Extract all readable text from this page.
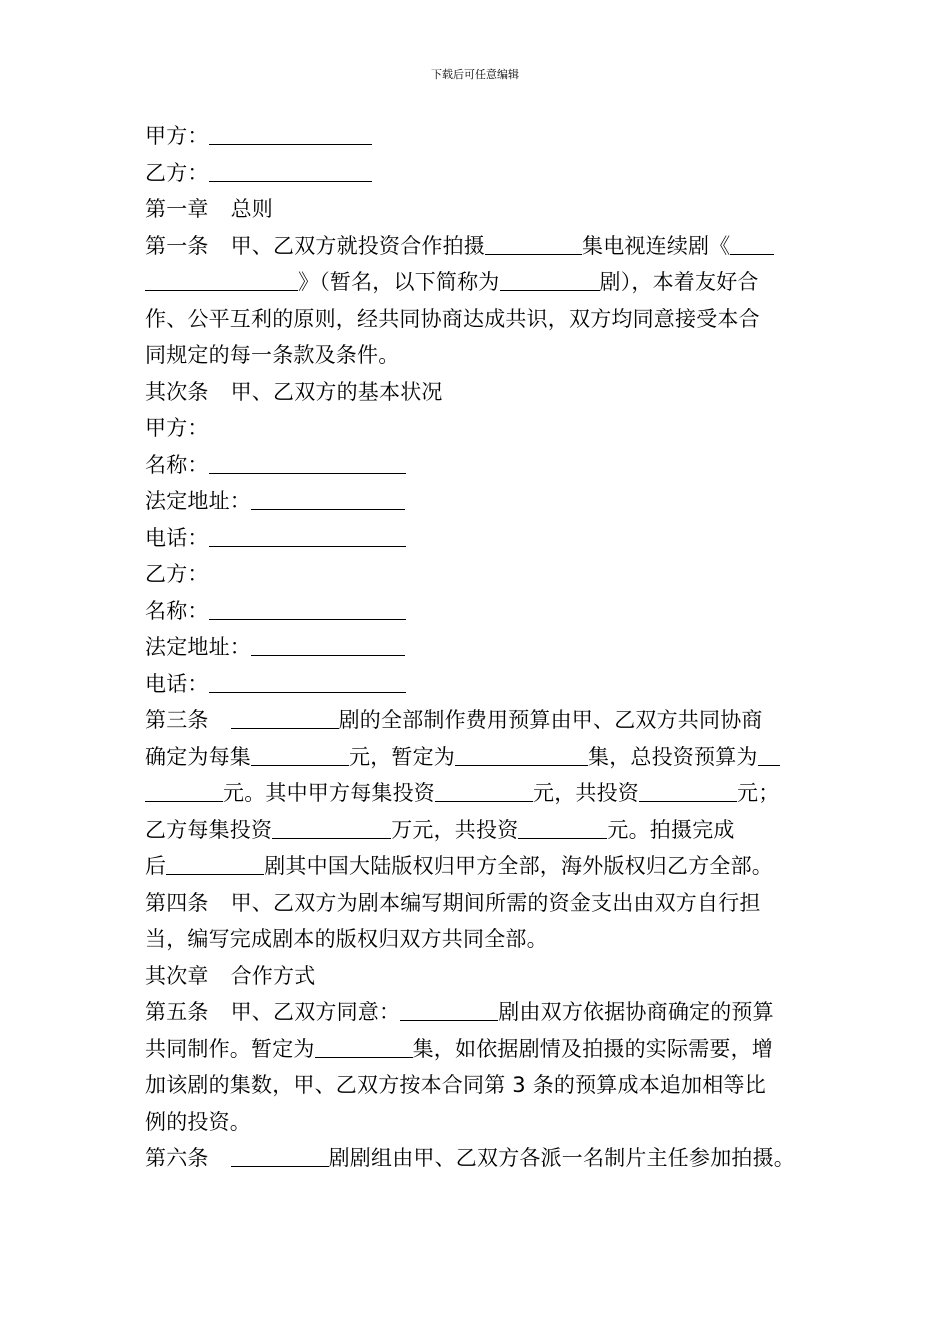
下载后可任意编辑
甲方：
乙方：
第一章 总则
第一条 甲、乙双方就投资合作拍摄	集电视连续剧《
》（暂名，以下简称为	剧），本着友好合
作、公平互利的原则，经共同协商达成共识，双方均同意接受本合
同规定的每一条款及条件。
其次条 甲、乙双方的基本状况
甲方：
名称：
法定地址：
电话：
乙方：
名称：
法定地址：
电话：
第三条	剧的全部制作费用预算由甲、乙双方共同协商
确定为每集	元，暂定为	集，总投资预算为
元。其中甲方每集投资	元，共投资	元；
乙方每集投资	万元，共投资	元。拍摄完成
后	剧其中国大陆版权归甲方全部，海外版权归乙方全部。
第四条 甲、乙双方为剧本编写期间所需的资金支出由双方自行担
当，编写完成剧本的版权归双方共同全部。
其次章 合作方式
第五条 甲、乙双方同意：	剧由双方依据协商确定的预算
共同制作。暂定为	集，如依据剧情及拍摄的实际需要，增
加该剧的集数，甲、乙双方按本合同第 3 条的预算成本追加相等比
例的投资。
第六条	剧剧组由甲、乙双方各派一名制片主任参加拍摄。
